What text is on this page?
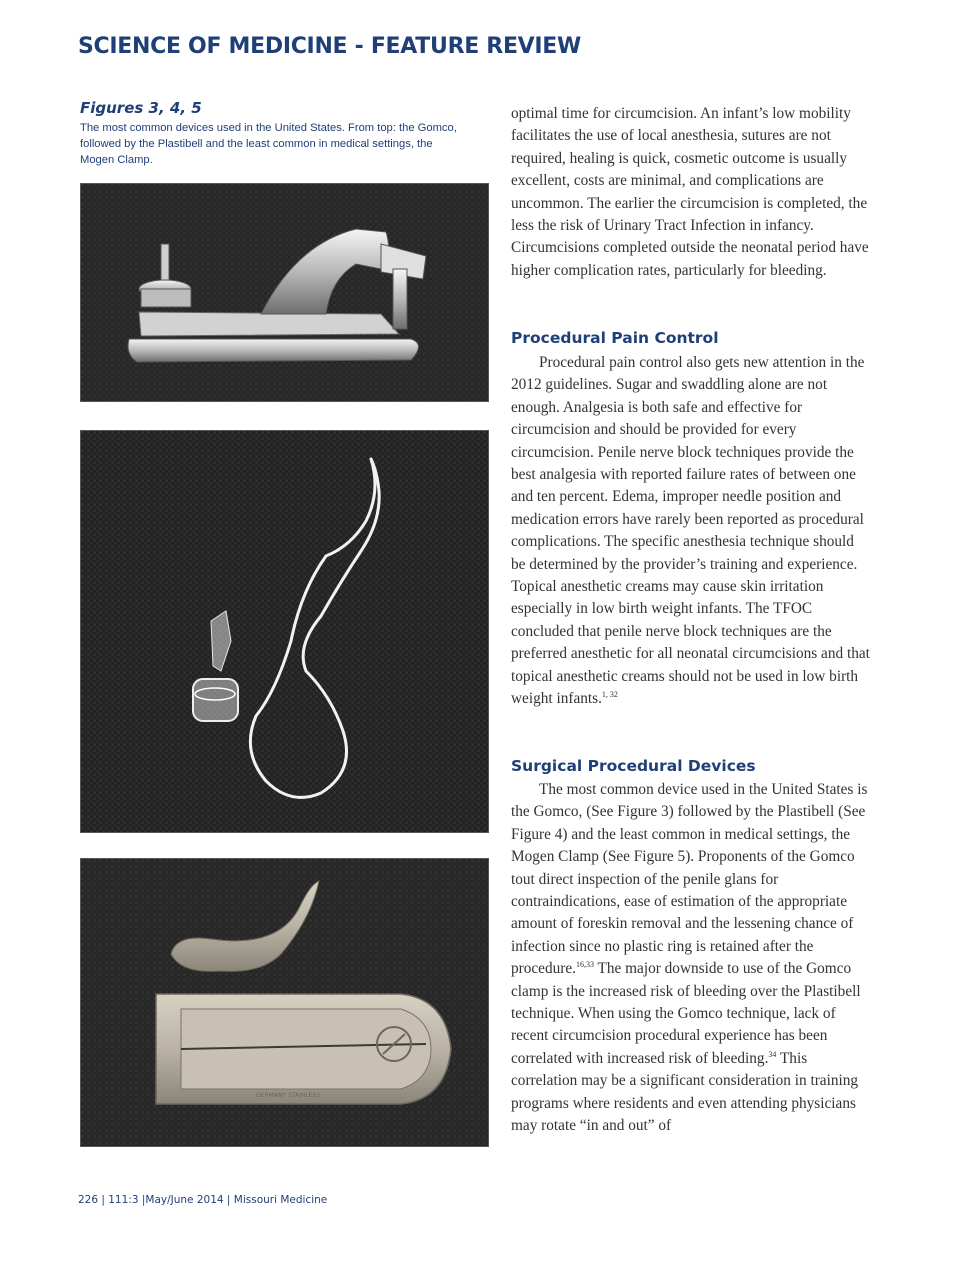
SCIENCE OF MEDICINE - FEATURE REVIEW
Figures 3, 4, 5
The most common devices used in the United States. From top: the Gomco, followed by the Plastibell and the least common in medical settings, the Mogen Clamp.
GERMANY STAINLESS

optimal time for circumcision. An infant’s low mobility facilitates the use of local anesthesia, sutures are not required, healing is quick, cosmetic outcome is usually excellent, costs are minimal, and complications are uncommon. The earlier the circumcision is completed, the less the risk of Urinary Tract Infection in infancy. Circumcisions completed outside the neonatal period have higher complication rates, particularly for bleeding.

Procedural Pain Control

Procedural pain control also gets new attention in the 2012 guidelines. Sugar and swaddling alone are not enough. Analgesia is both safe and effective for circumcision and should be provided for every circumcision. Penile nerve block techniques provide the best analgesia with reported failure rates of between one and ten percent. Edema, improper needle position and medication errors have rarely been reported as procedural complications. The specific anesthesia technique should be determined by the provider’s training and experience. Topical anesthetic creams may cause skin irritation especially in low birth weight infants. The TFOC concluded that penile nerve block techniques are the preferred anesthetic for all neonatal circumcisions and that topical anesthetic creams should not be used in low birth weight infants.$^{1, 32}$

Surgical Procedural Devices

The most common device used in the United States is the Gomco, (See Figure 3) followed by the Plastibell (See Figure 4) and the least common in medical settings, the Mogen Clamp (See Figure 5). Proponents of the Gomco tout direct inspection of the penile glans for contraindications, ease of estimation of the appropriate amount of foreskin removal and the lessening chance of infection since no plastic ring is retained after the procedure.$^{16,33}$ The major downside to use of the Gomco clamp is the increased risk of bleeding over the Plastibell technique. When using the Gomco technique, lack of recent circumcision procedural experience has been correlated with increased risk of bleeding.$^{34}$ This correlation may be a significant consideration in training programs where residents and even attending physicians may rotate “in and out” of

226 | 111:3 |May/June 2014 | Missouri Medicine
